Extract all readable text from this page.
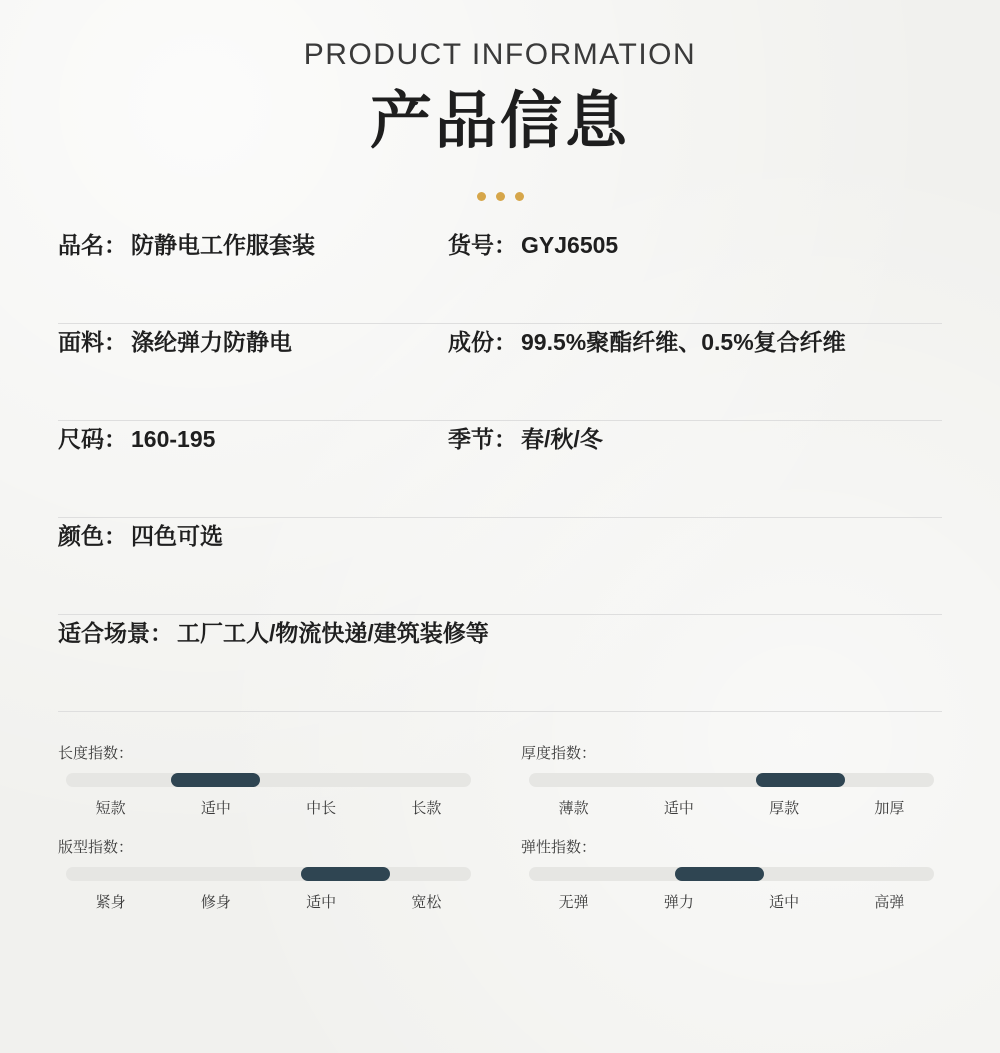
PRODUCT INFORMATION
产品信息
品名： 防静电工作服套装	货号： GYJ6505
面料： 涤纶弹力防静电	成份： 99.5%聚酯纤维、0.5%复合纤维
尺码： 160-195	季节： 春/秋/冬
颜色： 四色可选
适合场景： 工厂工人/物流快递/建筑装修等
长度指数：
短款	适中	中长	长款
厚度指数：
薄款	适中	厚款	加厚
版型指数：
紧身	修身	适中	宽松
弹性指数：
无弹	弹力	适中	高弹
